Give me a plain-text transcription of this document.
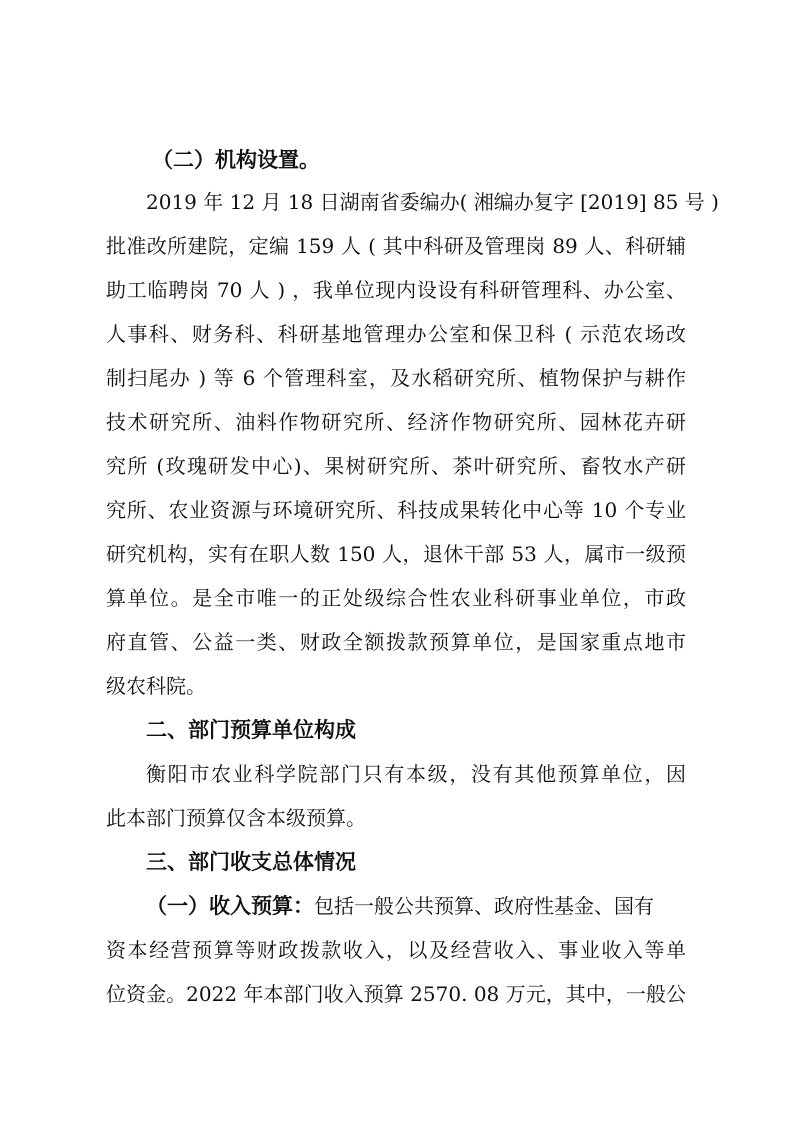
（二）机构设置。
2019 年 12 月 18 日湖南省委编办( 湘编办复字 [2019] 85 号 )
批准改所建院，定编 159 人 ( 其中科研及管理岗 89 人、科研辅
助工临聘岗 70 人 ) ，我单位现内设设有科研管理科、办公室、
人事科、财务科、科研基地管理办公室和保卫科 ( 示范农场改
制扫尾办 ) 等 6 个管理科室，及水稻研究所、植物保护与耕作
技术研究所、油料作物研究所、经济作物研究所、园林花卉研
究所 (玫瑰研发中心)、果树研究所、茶叶研究所、畜牧水产研
究所、农业资源与环境研究所、科技成果转化中心等 10 个专业
研究机构，实有在职人数 150 人，退休干部 53 人，属市一级预
算单位。是全市唯一的正处级综合性农业科研事业单位，市政
府直管、公益一类、财政全额拨款预算单位，是国家重点地市
级农科院。
二、部门预算单位构成
衡阳市农业科学院部门只有本级，没有其他预算单位，因
此本部门预算仅含本级预算。
三、部门收支总体情况
（一）收入预算：包括一般公共预算、政府性基金、国有
资本经营预算等财政拨款收入，以及经营收入、事业收入等单
位资金。2022 年本部门收入预算 2570. 08 万元，其中，一般公
